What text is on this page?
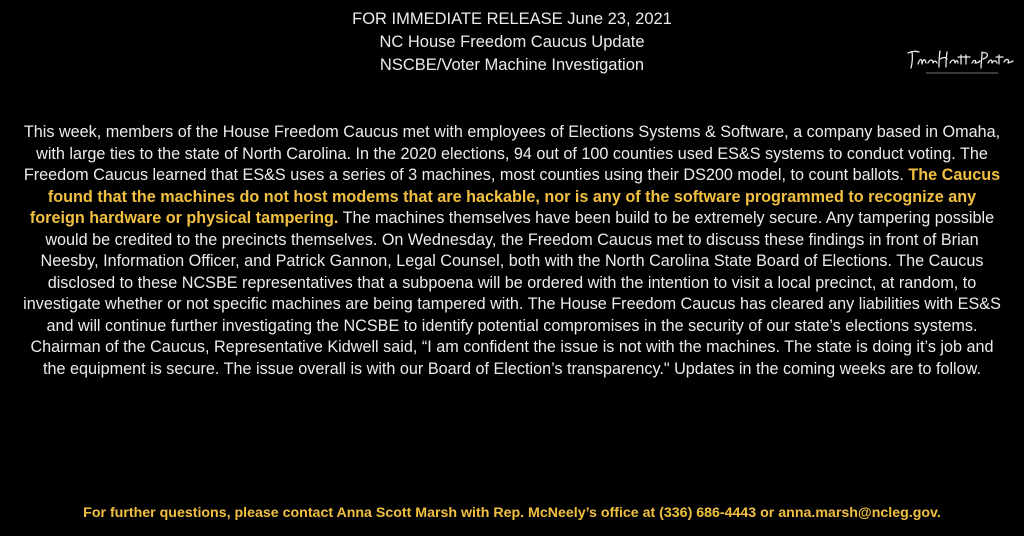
FOR IMMEDIATE RELEASE June 23, 2021
NC House Freedom Caucus Update
NSCBE/Voter Machine Investigation
This week, members of the House Freedom Caucus met with employees of Elections Systems & Software, a company based in Omaha, with large ties to the state of North Carolina. In the 2020 elections, 94 out of 100 counties used ES&S systems to conduct voting. The Freedom Caucus learned that ES&S uses a series of 3 machines, most counties using their DS200 model, to count ballots. The Caucus found that the machines do not host modems that are hackable, nor is any of the software programmed to recognize any foreign hardware or physical tampering. The machines themselves have been build to be extremely secure. Any tampering possible would be credited to the precincts themselves. On Wednesday, the Freedom Caucus met to discuss these findings in front of Brian Neesby, Information Officer, and Patrick Gannon, Legal Counsel, both with the North Carolina State Board of Elections. The Caucus disclosed to these NCSBE representatives that a subpoena will be ordered with the intention to visit a local precinct, at random, to investigate whether or not specific machines are being tampered with. The House Freedom Caucus has cleared any liabilities with ES&S and will continue further investigating the NCSBE to identify potential compromises in the security of our state’s elections systems. Chairman of the Caucus, Representative Kidwell said, “I am confident the issue is not with the machines. The state is doing it’s job and the equipment is secure. The issue overall is with our Board of Election’s transparency." Updates in the coming weeks are to follow.
For further questions, please contact Anna Scott Marsh with Rep. McNeely’s office at (336) 686-4443 or anna.marsh@ncleg.gov.
